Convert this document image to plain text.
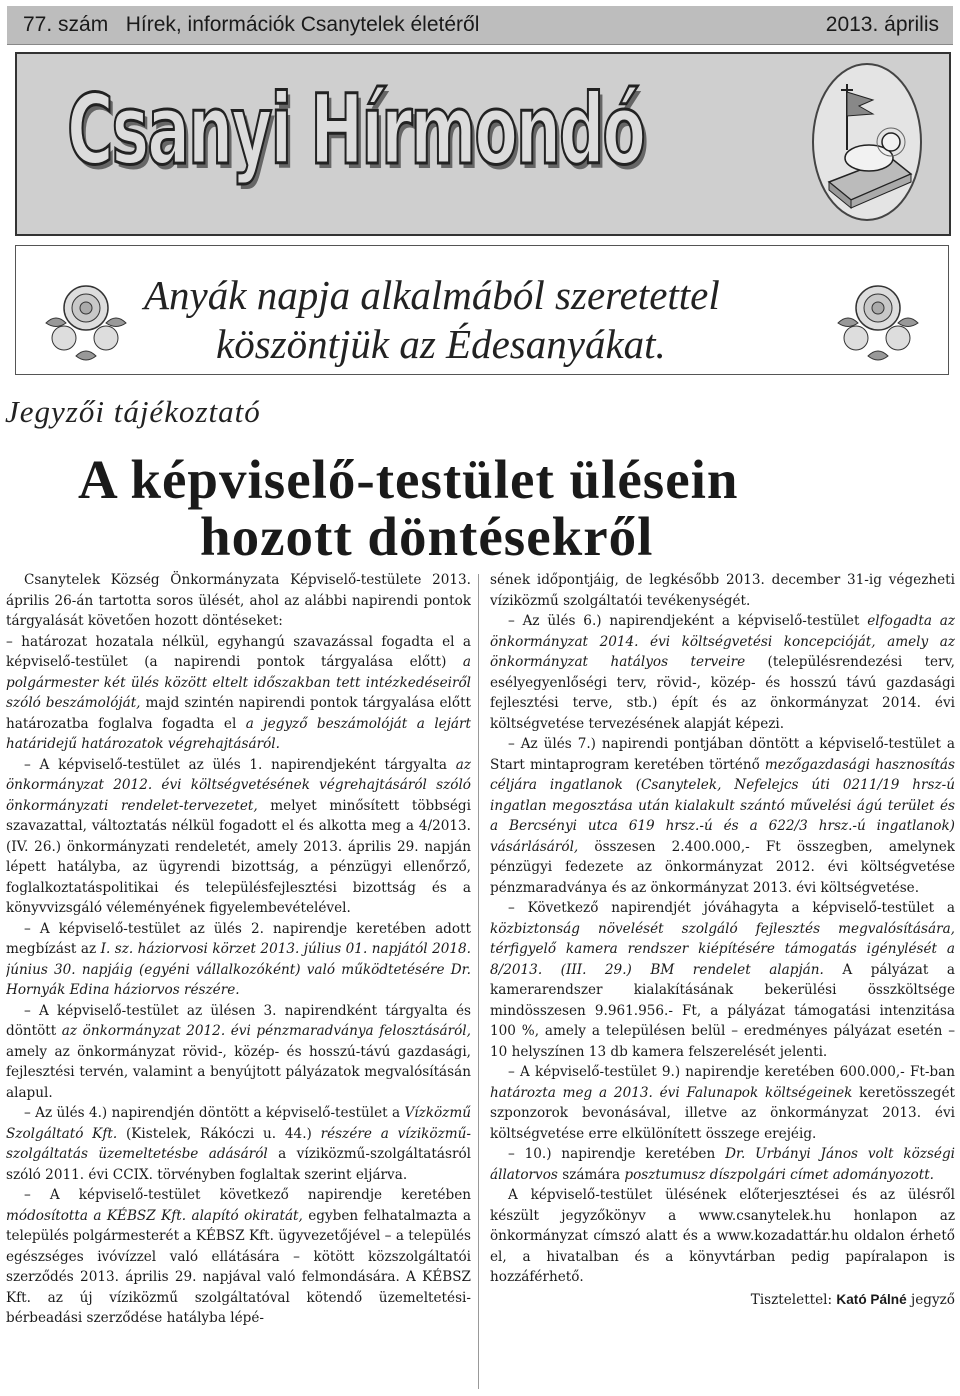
77. szám Hírek, információk Csanytelek életéről	2013. április
Csanyi Hírmondó
Anyák napja alkalmából szeretettel
köszöntjük az Édesanyákat.
Jegyzői tájékoztató
A képviselő-testület ülésein
hozott döntésekről

Csanytelek Község Önkormányzata Képviselő-testülete 2013. április 26-án tartotta soros ülését, ahol az alábbi napirendi pontok tárgyalását követően hozott döntéseket:

– határozat hozatala nélkül, egyhangú szavazással fogadta el a képviselő-testület (a napirendi pontok tárgyalása előtt) a polgármester két ülés között eltelt időszakban tett intézkedéseiről szóló beszámolóját, majd szintén napirendi pontok tárgyalása előtt határozatba foglalva fogadta el a jegyző beszámolóját a lejárt határidejű határozatok végrehajtásáról.

– A képviselő-testület az ülés 1. napirendjeként tárgyalta az önkormányzat 2012. évi költségvetésének végrehajtásáról szóló önkormányzati rendelet-tervezetet, melyet minősített többségi szavazattal, változtatás nélkül fogadott el és alkotta meg a 4/2013. (IV. 26.) önkormányzati rendeletét, amely 2013. április 29. napján lépett hatályba, az ügyrendi bizottság, a pénzügyi ellenőrző, foglalkoztatáspolitikai és településfejlesztési bizottság és a könyvvizsgáló véleményének figyelembevételével.

– A képviselő-testület az ülés 2. napirendje keretében adott megbízást az I. sz. háziorvosi körzet 2013. július 01. napjától 2018. június 30. napjáig (egyéni vállalkozóként) való működtetésére Dr. Hornyák Edina háziorvos részére.

– A képviselő-testület az ülésen 3. napirendként tárgyalta és döntött az önkormányzat 2012. évi pénzmaradványa felosztásáról, amely az önkormányzat rövid-, közép- és hosszú-távú gazdasági, fejlesztési tervén, valamint a benyújtott pályázatok megvalósításán alapul.

– Az ülés 4.) napirendjén döntött a képviselő-testület a Vízközmű Szolgáltató Kft. (Kistelek, Rákóczi u. 44.) részére a víziközmű-szolgáltatás üzemeltetésbe adásáról a víziközmű-szolgáltatásról szóló 2011. évi CCIX. törvényben foglaltak szerint eljárva.

– A képviselő-testület következő napirendje keretében módosította a KÉBSZ Kft. alapító okiratát, egyben felhatalmazta a település polgármesterét a KÉBSZ Kft. ügyvezetőjével – a település egészséges ivóvízzel való ellátására – kötött közszolgáltatói szerződés 2013. április 29. napjával való felmondására. A KÉBSZ Kft. az új víziközmű szolgáltatóval kötendő üzemeltetési- bérbeadási szerződése hatályba lépé-

sének időpontjáig, de legkésőbb 2013. december 31-ig végezheti víziközmű szolgáltatói tevékenységét.

– Az ülés 6.) napirendjeként a képviselő-testület elfogadta az önkormányzat 2014. évi költségvetési koncepcióját, amely az önkormányzat hatályos terveire (településrendezési terv, esélyegyenlőségi terv, rövid-, közép- és hosszú távú gazdasági fejlesztési terve, stb.) épít és az önkormányzat 2014. évi költségvetése tervezésének alapját képezi.

– Az ülés 7.) napirendi pontjában döntött a képviselő-testület a Start mintaprogram keretében történő mezőgazdasági hasznosítás céljára ingatlanok (Csanytelek, Nefelejcs úti 0211/19 hrsz-ú ingatlan megosztása után kialakult szántó művelési ágú terület és a Bercsényi utca 619 hrsz.-ú és a 622/3 hrsz.-ú ingatlanok) vásárlásáról, összesen 2.400.000,- Ft összegben, amelynek pénzügyi fedezete az önkormányzat 2012. évi költségvetése pénzmaradványa és az önkormányzat 2013. évi költségvetése.

– Következő napirendjét jóváhagyta a képviselő-testület a közbiztonság növelését szolgáló fejlesztés megvalósítására, térfigyelő kamera rendszer kiépítésére támogatás igénylését a 8/2013. (III. 29.) BM rendelet alapján. A pályázat a kamerarendszer kialakításának bekerülési összköltsége mindösszesen 9.961.956.- Ft, a pályázat támogatási intenzitása 100 %, amely a településen belül – eredményes pályázat esetén – 10 helyszínen 13 db kamera felszerelését jelenti.

– A képviselő-testület 9.) napirendje keretében 600.000,- Ft-ban határozta meg a 2013. évi Falunapok költségeinek keretösszegét szponzorok bevonásával, illetve az önkormányzat 2013. évi költségvetése erre elkülönített összege erejéig.

– 10.) napirendje keretében Dr. Urbányi János volt községi állatorvos számára posztumusz díszpolgári címet adományozott.

A képviselő-testület ülésének előterjesztései és az ülésről készült jegyzőkönyv a www.csanytelek.hu honlapon az önkormányzat címszó alatt és a www.kozadattár.hu oldalon érhető el, a hivatalban és a könyvtárban pedig papíralapon is hozzáférhető.

Tisztelettel: Kató Pálné jegyző
